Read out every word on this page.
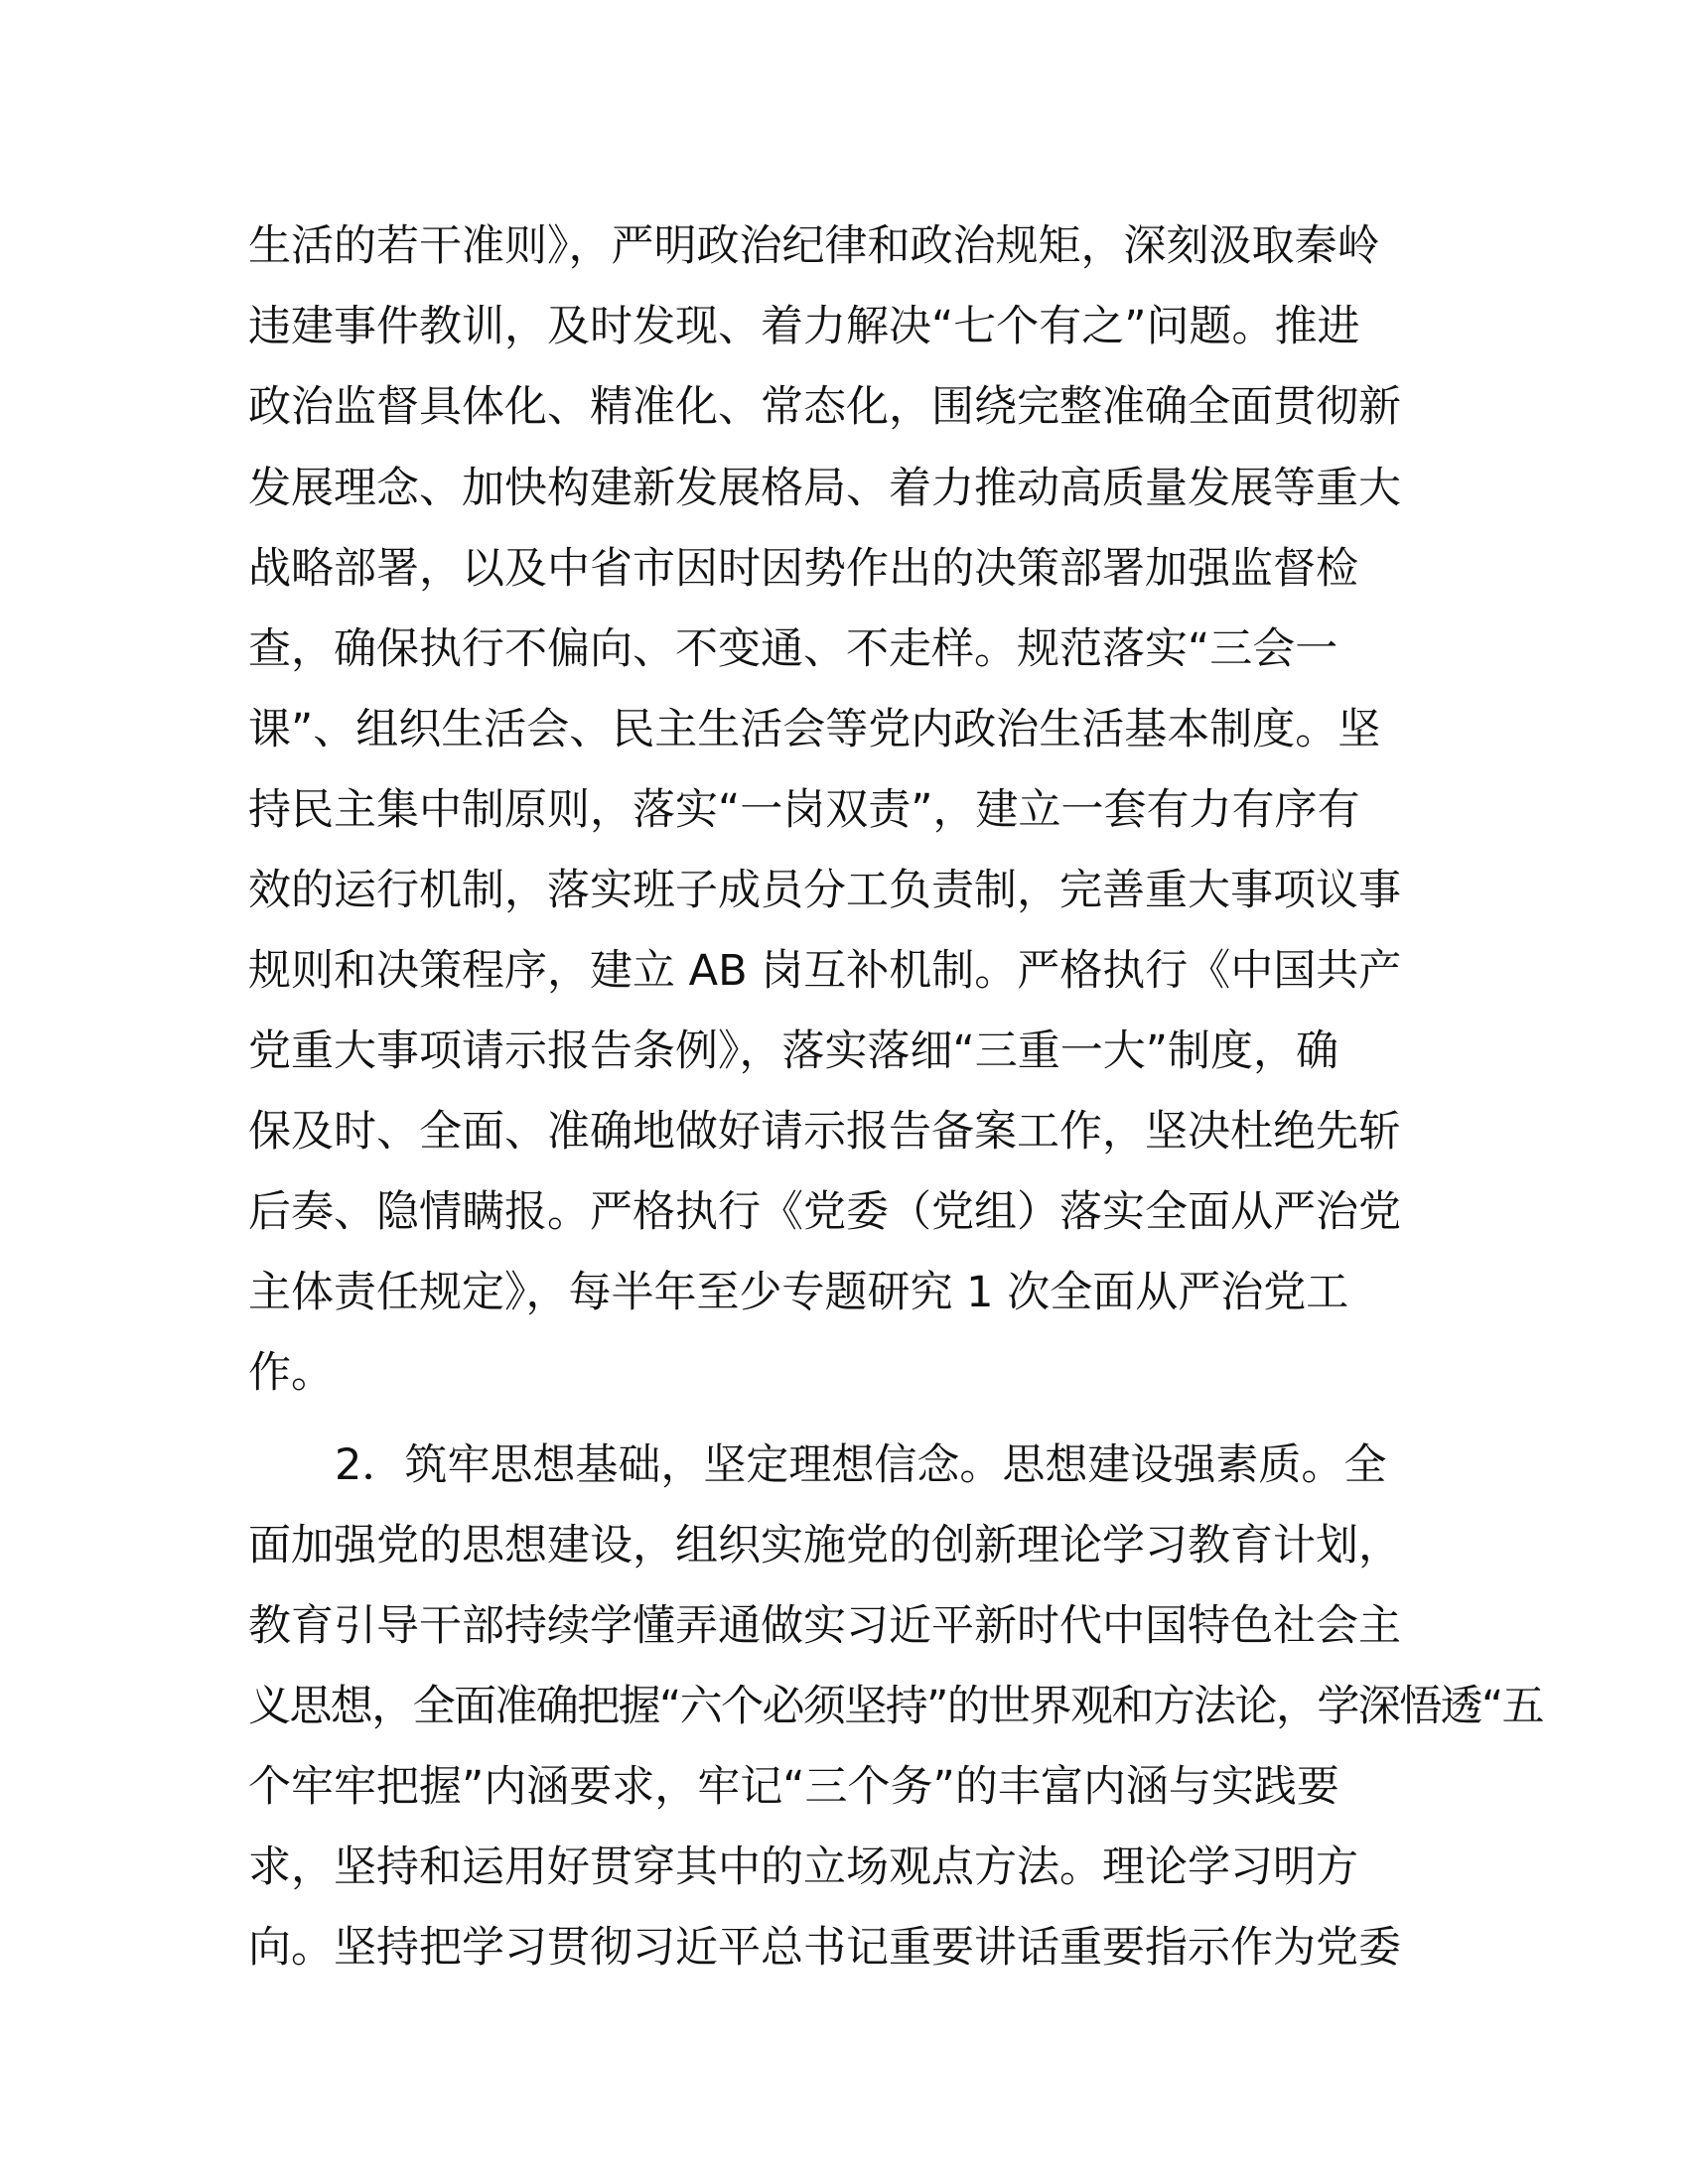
生活的若干准则》，严明政治纪律和政治规矩，深刻汲取秦岭

违建事件教训，及时发现、着力解决“七个有之”问题。推进

政治监督具体化、精准化、常态化，围绕完整准确全面贯彻新

发展理念、加快构建新发展格局、着力推动高质量发展等重大

战略部署，以及中省市因时因势作出的决策部署加强监督检

查，确保执行不偏向、不变通、不走样。规范落实“三会一

课”、组织生活会、民主生活会等党内政治生活基本制度。坚

持民主集中制原则，落实“一岗双责”，建立一套有力有序有

效的运行机制，落实班子成员分工负责制，完善重大事项议事

规则和决策程序，建立 AB 岗互补机制。严格执行《中国共产

党重大事项请示报告条例》，落实落细“三重一大”制度，确

保及时、全面、准确地做好请示报告备案工作，坚决杜绝先斩

后奏、隐情瞒报。严格执行《党委（党组）落实全面从严治党

主体责任规定》，每半年至少专题研究 1 次全面从严治党工

作。

2．筑牢思想基础，坚定理想信念。思想建设强素质。全

面加强党的思想建设，组织实施党的创新理论学习教育计划，

教育引导干部持续学懂弄通做实习近平新时代中国特色社会主

义思想，全面准确把握“六个必须坚持”的世界观和方法论，学深悟透“五

个牢牢把握”内涵要求，牢记“三个务”的丰富内涵与实践要

求，坚持和运用好贯穿其中的立场观点方法。理论学习明方

向。坚持把学习贯彻习近平总书记重要讲话重要指示作为党委
